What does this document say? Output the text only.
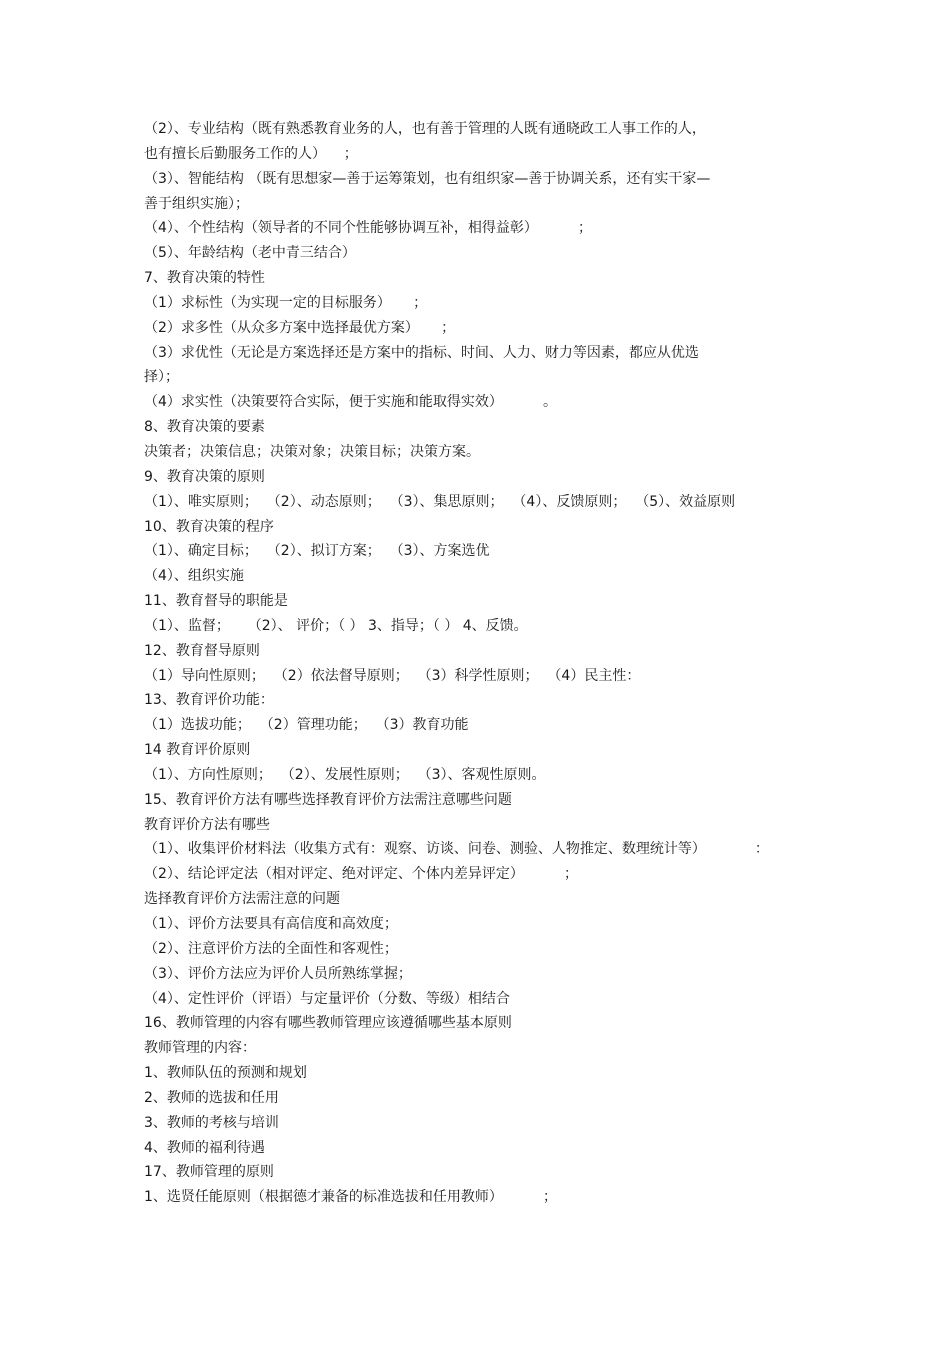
（2）、专业结构（既有熟悉教育业务的人，也有善于管理的人既有通晓政工人事工作的人，
也有擅长后勤服务工作的人）    ；
（3）、智能结构 （既有思想家—善于运筹策划，也有组织家—善于协调关系，还有实干家—
善于组织实施）；
（4）、个性结构（领导者的不同个性能够协调互补，相得益彰）         ；
（5）、年龄结构（老中青三结合）
7、教育决策的特性
（1）求标性（为实现一定的目标服务）     ；
（2）求多性（从众多方案中选择最优方案）     ；
（3）求优性（无论是方案选择还是方案中的指标、时间、人力、财力等因素，都应从优选
择）；
（4）求实性（决策要符合实际，便于实施和能取得实效）         。
8、教育决策的要素
决策者；决策信息；决策对象；决策目标；决策方案。
9、教育决策的原则
（1）、唯实原则；  （2）、动态原则；  （3）、集思原则；  （4）、反馈原则；  （5）、效益原则
10、教育决策的程序
（1）、确定目标；  （2）、拟订方案；  （3）、方案选优
（4）、组织实施
11、教育督导的职能是
（1）、监督；    （2）、 评价；（ ） 3、指导；（ ） 4、反馈。
12、教育督导原则
（1）导向性原则；  （2）依法督导原则；  （3）科学性原则；  （4）民主性：
13、教育评价功能：
（1）选拔功能；  （2）管理功能；  （3）教育功能
14 教育评价原则
（1）、方向性原则；  （2）、发展性原则；  （3）、客观性原则。
15、教育评价方法有哪些选择教育评价方法需注意哪些问题
教育评价方法有哪些
（1）、收集评价材料法（收集方式有：观察、访谈、问卷、测验、人物推定、数理统计等）           ：
（2）、结论评定法（相对评定、绝对评定、个体内差异评定）         ；
选择教育评价方法需注意的问题
（1）、评价方法要具有高信度和高效度；
（2）、注意评价方法的全面性和客观性；
（3）、评价方法应为评价人员所熟练掌握；
（4）、定性评价（评语）与定量评价（分数、等级）相结合
16、教师管理的内容有哪些教师管理应该遵循哪些基本原则
教师管理的内容：
1、教师队伍的预测和规划
2、教师的选拔和任用
3、教师的考核与培训
4、教师的福利待遇
17、教师管理的原则
1、选贤任能原则（根据德才兼备的标准选拔和任用教师）         ；
